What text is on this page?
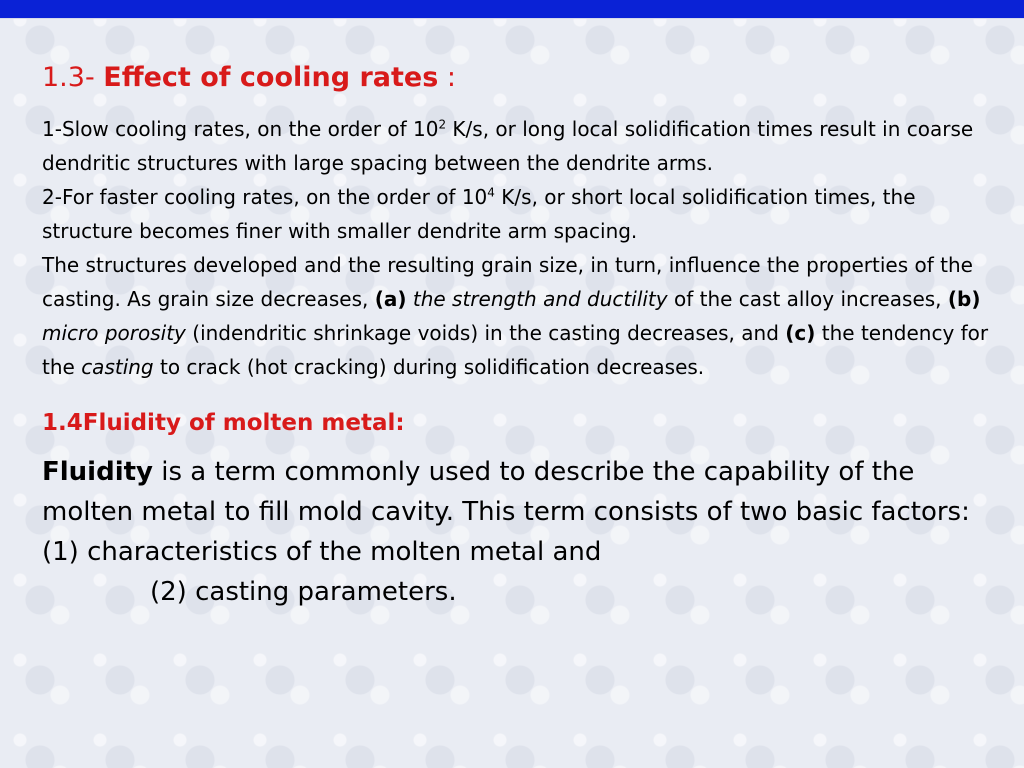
1.3- Effect of cooling rates :

1-Slow cooling rates, on the order of $10^2$ K/s, or long local solidification times result in coarse dendritic structures with large spacing between the dendrite arms.

2-For faster cooling rates, on the order of $10^4$ K/s, or short local solidification times, the structure becomes finer with smaller dendrite arm spacing.

The structures developed and the resulting grain size, in turn, influence the properties of the casting. As grain size decreases, (a) the strength and ductility of the cast alloy increases, (b) micro porosity (indendritic shrinkage voids) in the casting decreases, and (c) the tendency for the casting to crack (hot cracking) during solidification decreases.

1.4Fluidity of molten metal:

Fluidity is a term commonly used to describe the capability of the molten metal to fill mold cavity. This term consists of two basic factors: (1) characteristics of the molten metal and
(2) casting parameters.
